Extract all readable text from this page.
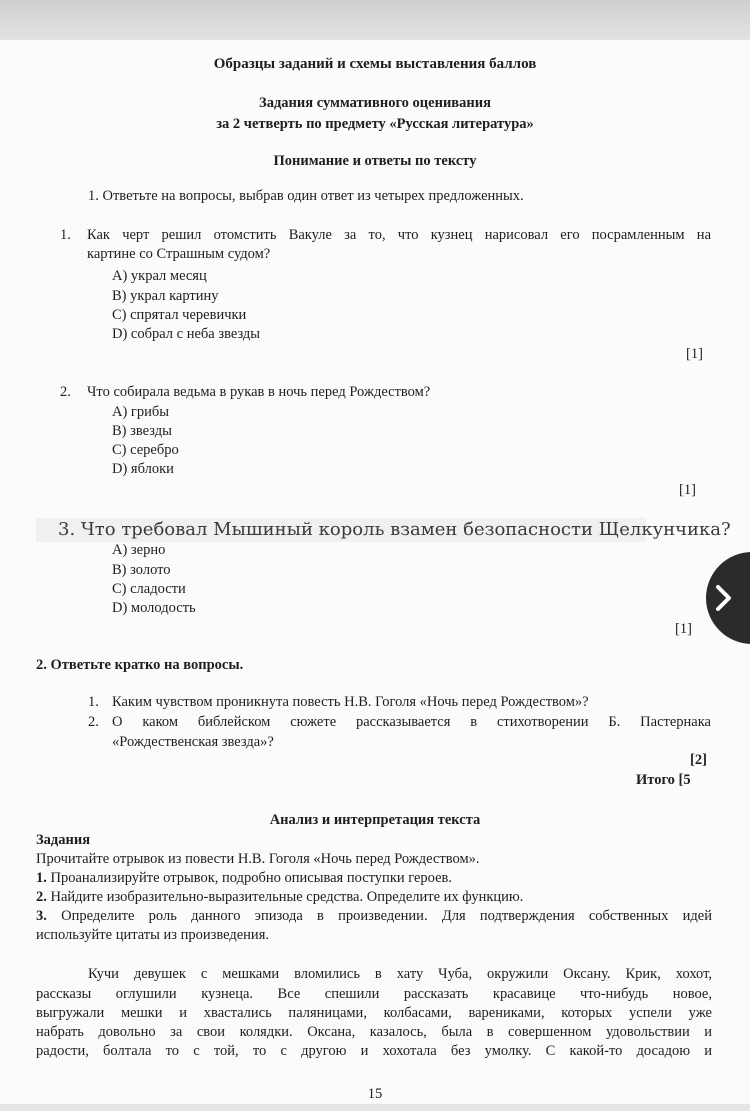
Образцы заданий и схемы выставления баллов
Задания суммативного оценивания
за 2 четверть по предмету «Русская литература»
Понимание и ответы по тексту
1. Ответьте на вопросы, выбрав один ответ из четырех предложенных.
1. Как черт решил отомстить Вакуле за то, что кузнец нарисовал его посрамленным на
картине со Страшным судом?
A) украл месяц
B) украл картину
C) спрятал черевички
D) собрал с неба звезды
[1]
2. Что собирала ведьма в рукав в ночь перед Рождеством?
A) грибы
B) звезды
C) серебро
D) яблоки
[1]
3. Что требовал Мышиный король взамен безопасности Щелкунчика?
A) зерно
B) золото
C) сладости
D) молодость
[1]
2. Ответьте кратко на вопросы.
1. Каким чувством проникнута повесть Н.В. Гоголя «Ночь перед Рождеством»?
2. О каком библейском сюжете рассказывается в стихотворении Б. Пастернака
«Рождественская звезда»?
[2]
Итого [5
Анализ и интерпретация текста
Задания
Прочитайте отрывок из повести Н.В. Гоголя «Ночь перед Рождеством».
1. Проанализируйте отрывок, подробно описывая поступки героев.
2. Найдите изобразительно-выразительные средства. Определите их функцию.
3. Определите роль данного эпизода в произведении. Для подтверждения собственных идей
используйте цитаты из произведения.
Кучи девушек с мешками вломились в хату Чуба, окружили Оксану. Крик, хохот,
рассказы оглушили кузнеца. Все спешили рассказать красавице что-нибудь новое,
выгружали мешки и хвастались паляницами, колбасами, варениками, которых успели уже
набрать довольно за свои колядки. Оксана, казалось, была в совершенном удовольствии и
радости, болтала то с той, то с другою и хохотала без умолку. С какой-то досадою и
15
